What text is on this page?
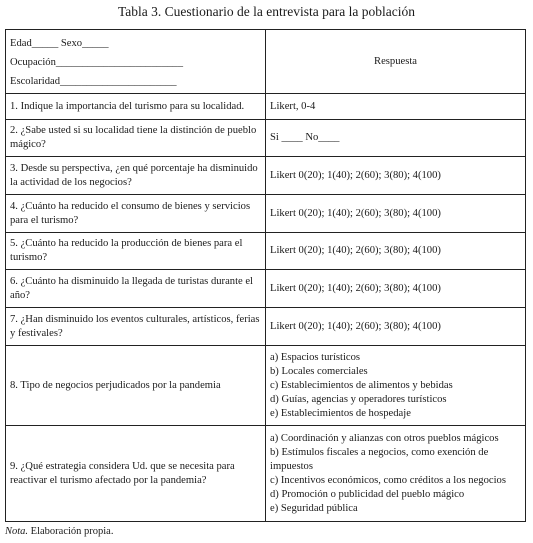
Tabla 3. Cuestionario de la entrevista para la población
Edad_____ Sexo_____
Ocupación________________________
Escolaridad______________________	Respuesta
1. Indique la importancia del turismo para su localidad.	Likert, 0-4
2. ¿Sabe usted si su localidad tiene la distinción de pueblo mágico?	Si ____ No____
3. Desde su perspectiva, ¿en qué porcentaje ha disminuido la actividad de los negocios?	Likert 0(20); 1(40); 2(60); 3(80); 4(100)
4. ¿Cuánto ha reducido el consumo de bienes y servicios para el turismo?	Likert 0(20); 1(40); 2(60); 3(80); 4(100)
5. ¿Cuánto ha reducido la producción de bienes para el turismo?	Likert 0(20); 1(40); 2(60); 3(80); 4(100)
6. ¿Cuánto ha disminuido la llegada de turistas durante el año?	Likert 0(20); 1(40); 2(60); 3(80); 4(100)
7. ¿Han disminuido los eventos culturales, artísticos, ferias y festivales?	Likert 0(20); 1(40); 2(60); 3(80); 4(100)
8. Tipo de negocios perjudicados por la pandemia	a) Espacios turísticos
b) Locales comerciales
c) Establecimientos de alimentos y bebidas
d) Guías, agencias y operadores turísticos
e) Establecimientos de hospedaje

9. ¿Qué estrategia considera Ud. que se necesita para reactivar el turismo afectado por la pandemia?	a) Coordinación y alianzas con otros pueblos mágicos
b) Estímulos fiscales a negocios, como exención de impuestos
c) Incentivos económicos, como créditos a los negocios
d) Promoción o publicidad del pueblo mágico
e) Seguridad pública
Nota. Elaboración propia.
